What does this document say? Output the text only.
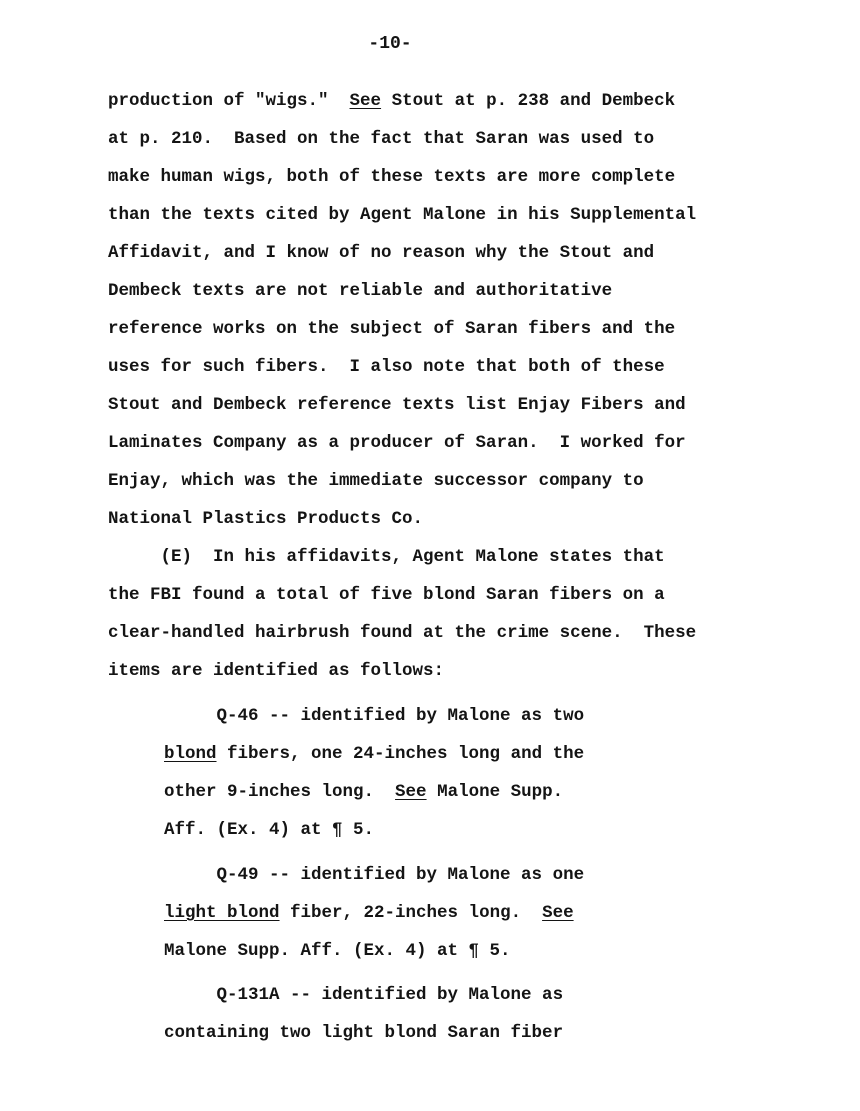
-10-
production of "wigs."  See Stout at p. 238 and Dembeck
at p. 210.  Based on the fact that Saran was used to
make human wigs, both of these texts are more complete
than the texts cited by Agent Malone in his Supplemental
Affidavit, and I know of no reason why the Stout and
Dembeck texts are not reliable and authoritative
reference works on the subject of Saran fibers and the
uses for such fibers.  I also note that both of these
Stout and Dembeck reference texts list Enjay Fibers and
Laminates Company as a producer of Saran.  I worked for
Enjay, which was the immediate successor company to
National Plastics Products Co.
(E)  In his affidavits, Agent Malone states that
the FBI found a total of five blond Saran fibers on a
clear-handled hairbrush found at the crime scene.  These
items are identified as follows:
Q-46 -- identified by Malone as two
blond fibers, one 24-inches long and the
other 9-inches long.  See Malone Supp.
Aff. (Ex. 4) at ¶ 5.
Q-49 -- identified by Malone as one
light blond fiber, 22-inches long.  See
Malone Supp. Aff. (Ex. 4) at ¶ 5.
Q-131A -- identified by Malone as
containing two light blond Saran fiber
